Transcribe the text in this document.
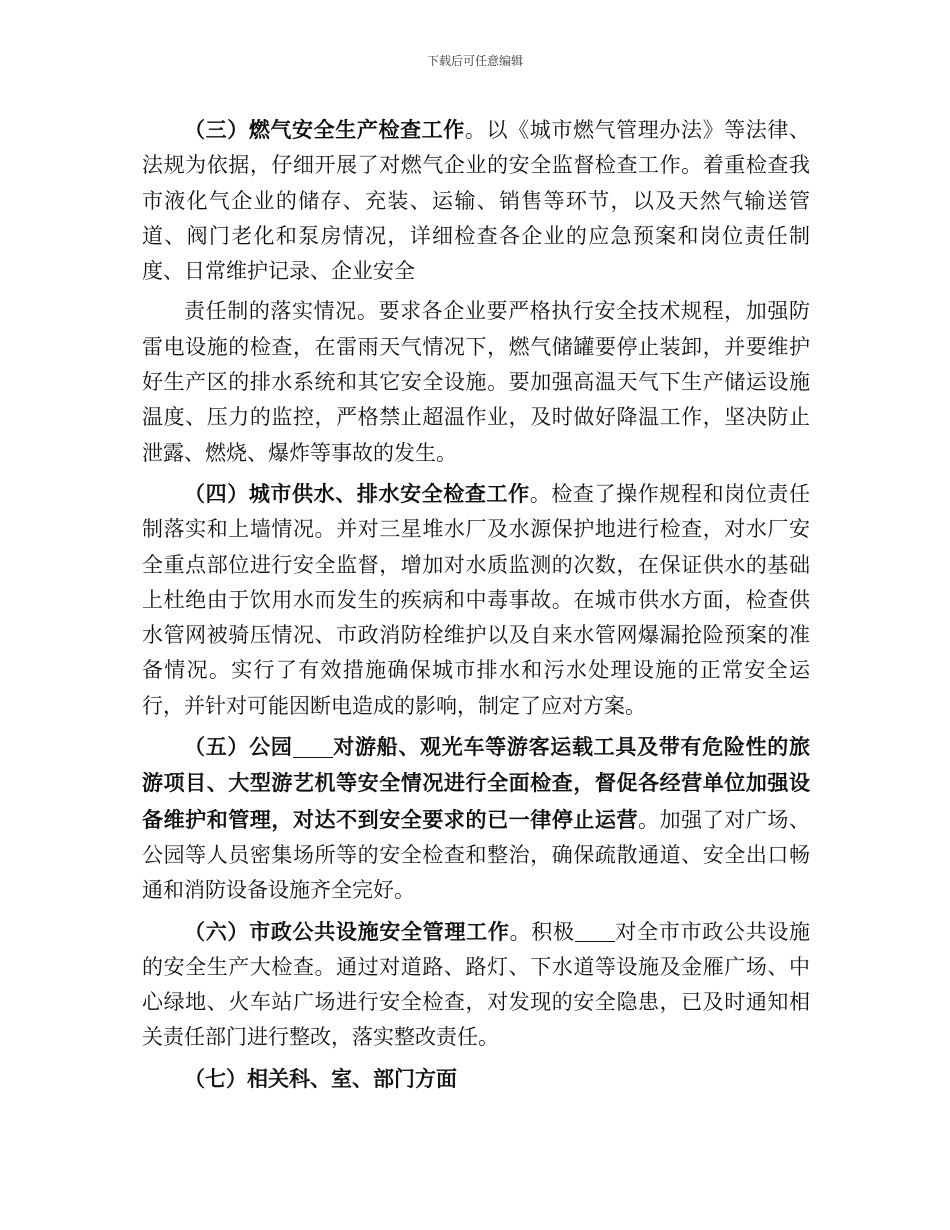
下载后可任意编辑

（三）燃气安全生产检查工作。以《城市燃气管理办法》等法律、法规为依据，仔细开展了对燃气企业的安全监督检查工作。着重检查我市液化气企业的储存、充装、运输、销售等环节，以及天然气输送管道、阀门老化和泵房情况，详细检查各企业的应急预案和岗位责任制度、日常维护记录、企业安全

责任制的落实情况。要求各企业要严格执行安全技术规程，加强防雷电设施的检查，在雷雨天气情况下，燃气储罐要停止装卸，并要维护好生产区的排水系统和其它安全设施。要加强高温天气下生产储运设施温度、压力的监控，严格禁止超温作业，及时做好降温工作，坚决防止泄露、燃烧、爆炸等事故的发生。

（四）城市供水、排水安全检查工作。检查了操作规程和岗位责任制落实和上墙情况。并对三星堆水厂及水源保护地进行检查，对水厂安全重点部位进行安全监督，增加对水质监测的次数，在保证供水的基础上杜绝由于饮用水而发生的疾病和中毒事故。在城市供水方面，检查供水管网被骑压情况、市政消防栓维护以及自来水管网爆漏抢险预案的准备情况。实行了有效措施确保城市排水和污水处理设施的正常安全运行，并针对可能因断电造成的影响，制定了应对方案。

（五）公园 对游船、观光车等游客运载工具及带有危险性的旅游项目、大型游艺机等安全情况进行全面检查，督促各经营单位加强设备维护和管理，对达不到安全要求的已一律停止运营。加强了对广场、公园等人员密集场所等的安全检查和整治，确保疏散通道、安全出口畅通和消防设备设施齐全完好。

（六）市政公共设施安全管理工作。积极 对全市市政公共设施的安全生产大检查。通过对道路、路灯、下水道等设施及金雁广场、中心绿地、火车站广场进行安全检查，对发现的安全隐患，已及时通知相关责任部门进行整改，落实整改责任。

（七）相关科、室、部门方面
